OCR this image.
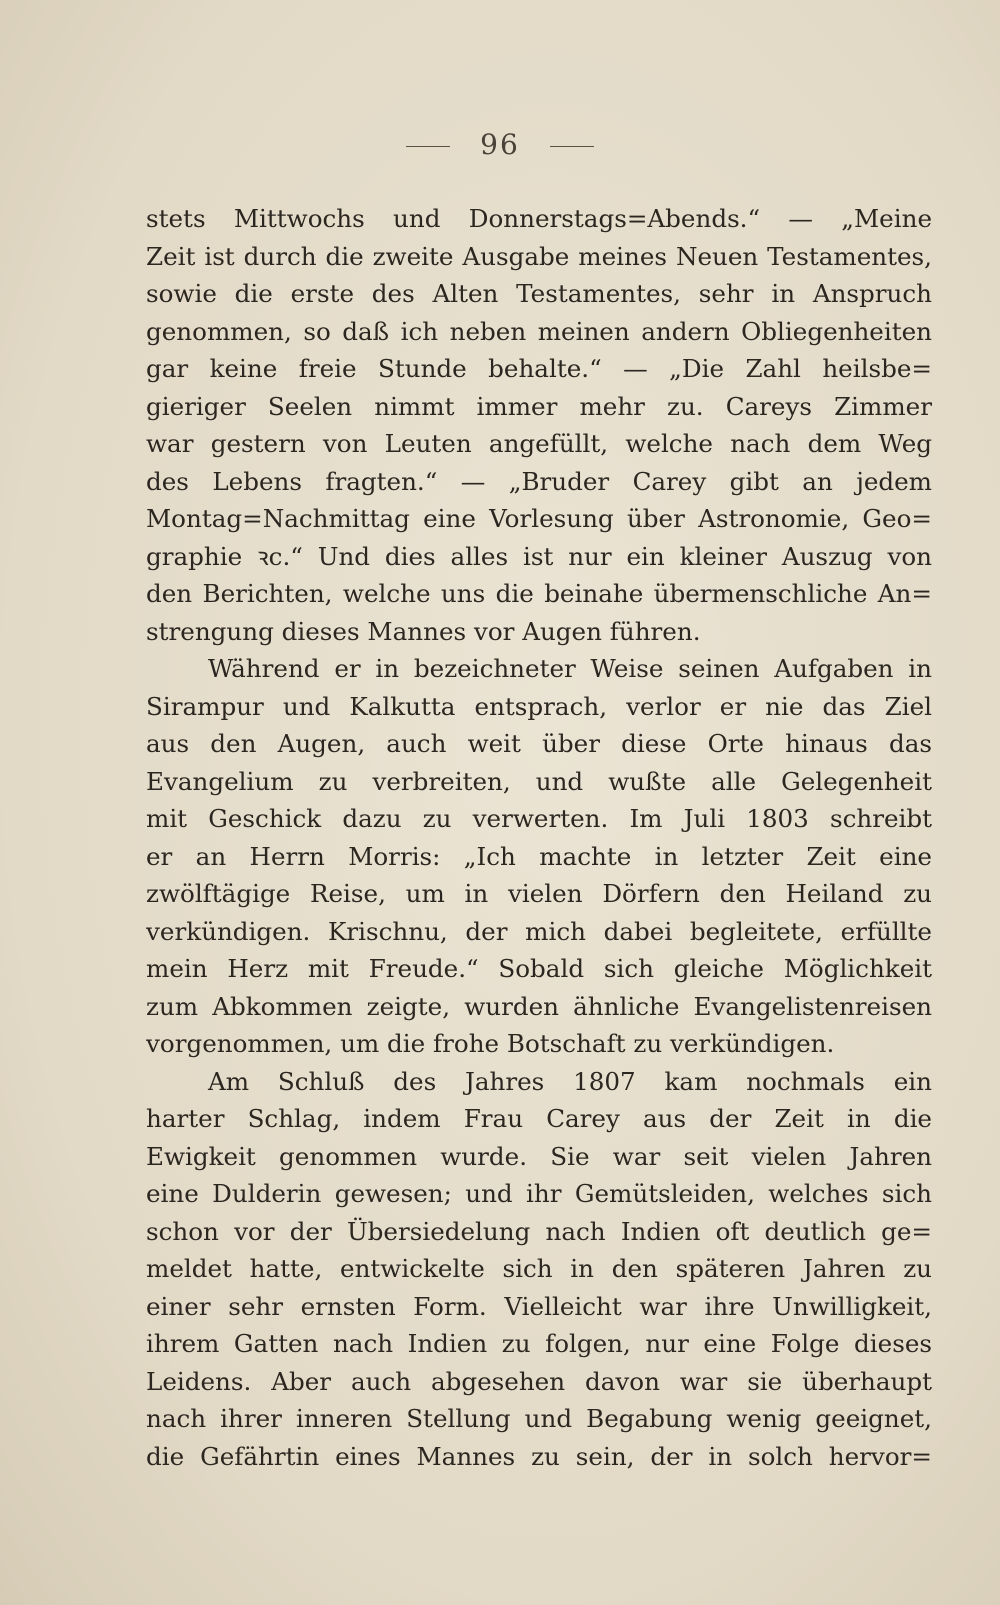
96
stets Mittwochs und Donnerstags=Abends.“ — „Meine
Zeit ist durch die zweite Ausgabe meines Neuen Testamentes,
sowie die erste des Alten Testamentes, sehr in Anspruch
genommen, so daß ich neben meinen andern Obliegenheiten
gar keine freie Stunde behalte.“ — „Die Zahl heilsbe=
gieriger Seelen nimmt immer mehr zu. Careys Zimmer
war gestern von Leuten angefüllt, welche nach dem Weg
des Lebens fragten.“ — „Bruder Carey gibt an jedem
Montag=Nachmittag eine Vorlesung über Astronomie, Geo=
graphie ꝛc.“ Und dies alles ist nur ein kleiner Auszug von
den Berichten, welche uns die beinahe übermenschliche An=
strengung dieses Mannes vor Augen führen.
Während er in bezeichneter Weise seinen Aufgaben in
Sirampur und Kalkutta entsprach, verlor er nie das Ziel
aus den Augen, auch weit über diese Orte hinaus das
Evangelium zu verbreiten, und wußte alle Gelegenheit
mit Geschick dazu zu verwerten. Im Juli 1803 schreibt
er an Herrn Morris: „Ich machte in letzter Zeit eine
zwölftägige Reise, um in vielen Dörfern den Heiland zu
verkündigen. Krischnu, der mich dabei begleitete, erfüllte
mein Herz mit Freude.“ Sobald sich gleiche Möglichkeit
zum Abkommen zeigte, wurden ähnliche Evangelistenreisen
vorgenommen, um die frohe Botschaft zu verkündigen.
Am Schluß des Jahres 1807 kam nochmals ein
harter Schlag, indem Frau Carey aus der Zeit in die
Ewigkeit genommen wurde. Sie war seit vielen Jahren
eine Dulderin gewesen; und ihr Gemütsleiden, welches sich
schon vor der Übersiedelung nach Indien oft deutlich ge=
meldet hatte, entwickelte sich in den späteren Jahren zu
einer sehr ernsten Form. Vielleicht war ihre Unwilligkeit,
ihrem Gatten nach Indien zu folgen, nur eine Folge dieses
Leidens. Aber auch abgesehen davon war sie überhaupt
nach ihrer inneren Stellung und Begabung wenig geeignet,
die Gefährtin eines Mannes zu sein, der in solch hervor=
